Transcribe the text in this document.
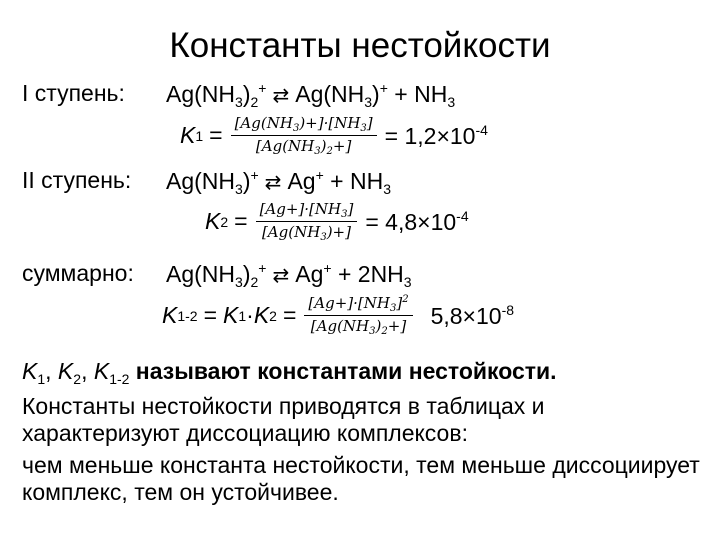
Константы нестойкости
I ступень: $Ag(NH_3)_2^+$ ⇄ $Ag(NH_3)^+ + NH_3$
K $1 = \frac{[Ag(NH_3)+]\cdot[NH_3]}{[Ag(NH_3)_2+]} = 1,2\times 10^{-4}$
II ступень: $Ag(NH_3)^+$ ⇄ $Ag^+ + NH_3$
K $2 = \frac{[Ag+]\cdot[NH_3]}{[Ag(NH_3)+]} = 4,8\times 10^{-4}$
суммарно: $Ag(NH_3)_2^+$ ⇄ $Ag^+ + 2NH_3$
K 1-2 = K 1 · K $2 = \frac{[Ag+]\cdot[NH_3]^2}{[Ag(NH_3)_2+]} 5,8\times 10^{-8}$
$K_1$, $K_2$, $K_{1-2}$ называют константами нестойкости.
Константы нестойкости приводятся в таблицах и характеризуют диссоциацию комплексов:
чем меньше константа нестойкости, тем меньше диссоциирует комплекс, тем он устойчивее.
